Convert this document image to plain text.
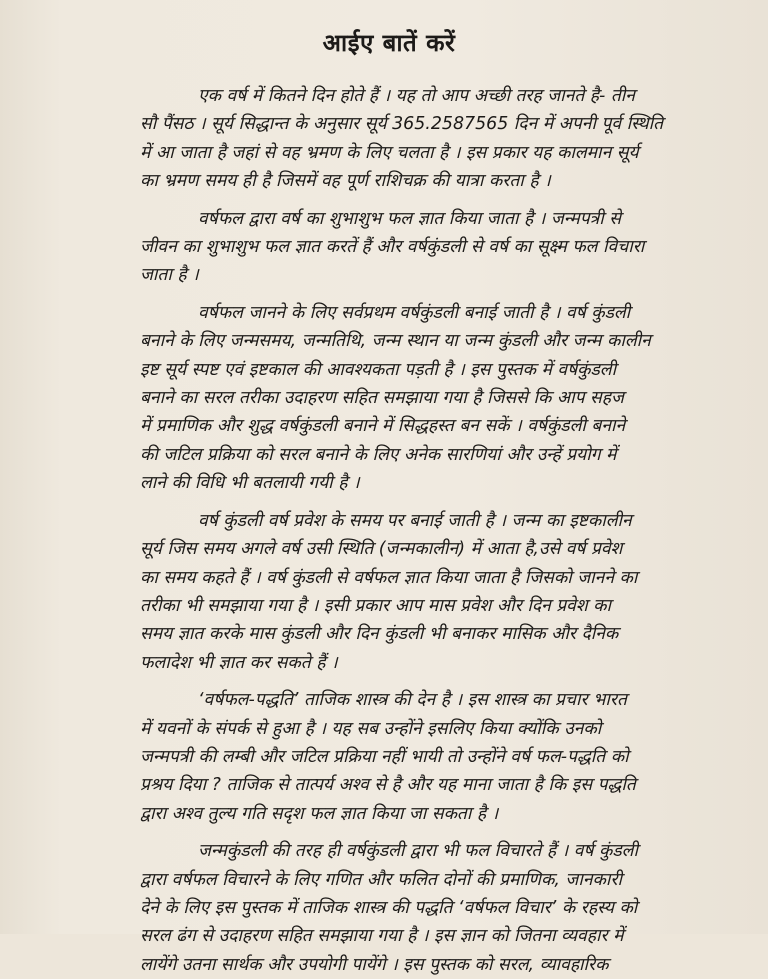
आईए बातें करें
एक वर्ष में कितने दिन होते हैं । यह तो आप अच्छी तरह जानते है- तीन
सौ पैंसठ । सूर्य सिद्धान्त के अनुसार सूर्य 365.2587565 दिन में अपनी पूर्व स्थिति
में आ जाता है जहां से वह भ्रमण के लिए चलता है । इस प्रकार यह कालमान सूर्य
का भ्रमण समय ही है जिसमें वह पूर्ण राशिचक्र की यात्रा करता है ।
वर्षफल द्वारा वर्ष का शुभाशुभ फल ज्ञात किया जाता है । जन्मपत्री से
जीवन का शुभाशुभ फल ज्ञात करतें हैं और वर्षकुंडली से वर्ष का सूक्ष्म फल विचारा
जाता है ।
वर्षफल जानने के लिए सर्वप्रथम वर्षकुंडली बनाई जाती है । वर्ष कुंडली
बनाने के लिए जन्मसमय, जन्मतिथि, जन्म स्थान या जन्म कुंडली और जन्म कालीन
इष्ट सूर्य स्पष्ट एवं इष्टकाल की आवश्यकता पड़ती है । इस पुस्तक में वर्षकुंडली
बनाने का सरल तरीका उदाहरण सहित समझाया गया है जिससे कि आप सहज
में प्रमाणिक और शुद्ध वर्षकुंडली बनाने में सिद्धहस्त बन सकें । वर्षकुंडली बनाने
की जटिल प्रक्रिया को सरल बनाने के लिए अनेक सारणियां और उन्हें प्रयोग में
लाने की विधि भी बतलायी गयी है ।
वर्ष कुंडली वर्ष प्रवेश के समय पर बनाई जाती है । जन्म का इष्टकालीन
सूर्य जिस समय अगले वर्ष उसी स्थिति (जन्मकालीन) में आता है,उसे वर्ष प्रवेश
का समय कहते हैं । वर्ष कुंडली से वर्षफल ज्ञात किया जाता है जिसको जानने का
तरीका भी समझाया गया है । इसी प्रकार आप मास प्रवेश और दिन प्रवेश का
समय ज्ञात करके मास कुंडली और दिन कुंडली भी बनाकर मासिक और दैनिक
फलादेश भी ज्ञात कर सकते हैं ।
‘वर्षफल-पद्धति’ ताजिक शास्त्र की देन है । इस शास्त्र का प्रचार भारत
में यवनों के संपर्क से हुआ है । यह सब उन्होंने इसलिए किया क्योंकि उनको
जन्मपत्री की लम्बी और जटिल प्रक्रिया नहीं भायी तो उन्होंने वर्ष फल-पद्धति को
प्रश्रय दिया ? ताजिक से तात्पर्य अश्व से है और यह माना जाता है कि इस पद्धति
द्वारा अश्व तुल्य गति सदृश फल ज्ञात किया जा सकता है ।
जन्मकुंडली की तरह ही वर्षकुंडली द्वारा भी फल विचारते हैं । वर्ष कुंडली
द्वारा वर्षफल विचारने के लिए गणित और फलित दोनों की प्रमाणिक, जानकारी
देने के लिए इस पुस्तक में ताजिक शास्त्र की पद्धति ‘वर्षफल विचार’ के रहस्य को
सरल ढंग से उदाहरण सहित समझाया गया है । इस ज्ञान को जितना व्यवहार में
लायेंगे उतना सार्थक और उपयोगी पायेंगे । इस पुस्तक को सरल, व्यावहारिक
